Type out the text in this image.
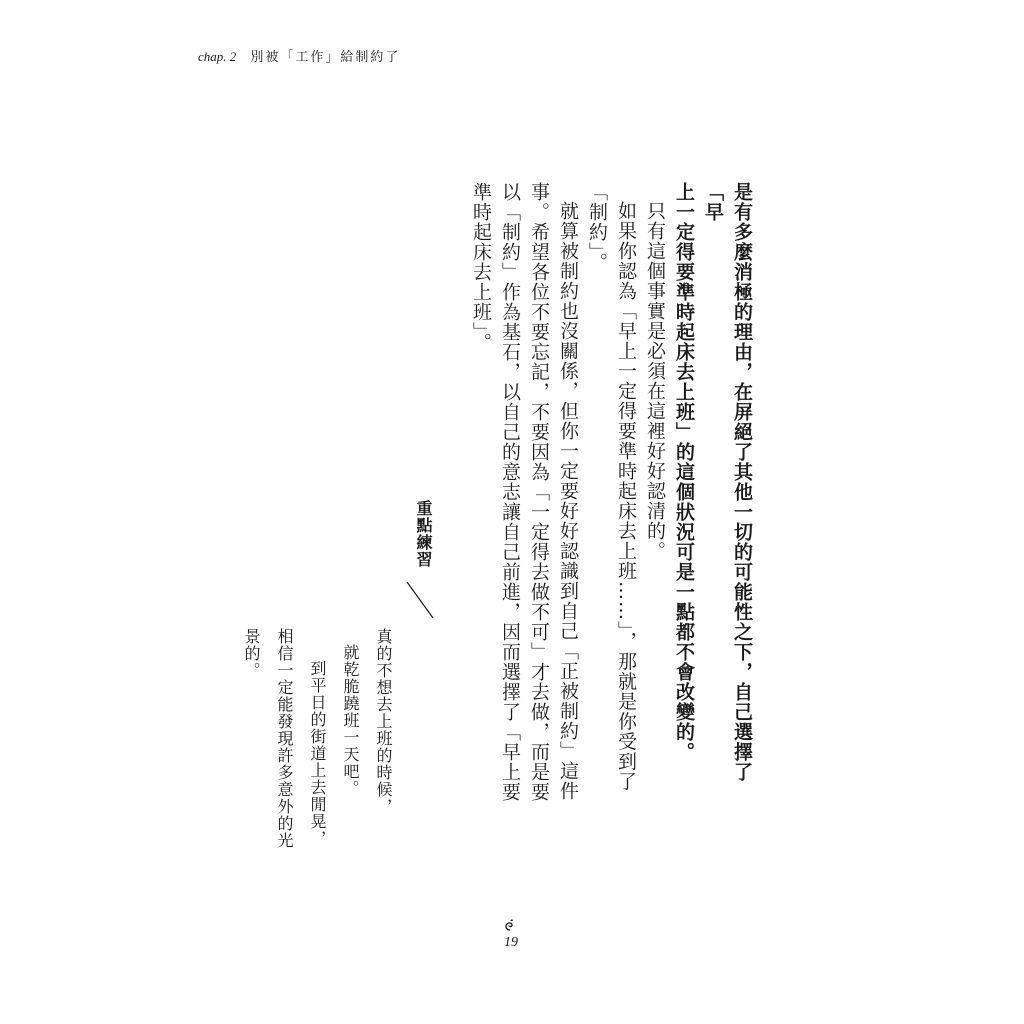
chap. 2 別被「工作」給制約了

是有多麼消極的理由，在屏絕了其他一切的可能性之下，自己選擇了「早

上一定得要準時起床去上班」的這個狀況可是一點都不會改變的。

只有這個事實是必須在這裡好好認清的。

如果你認為「早上一定得要準時起床去上班……」，那就是你受到了「制約」。

就算被制約也沒關係，但你一定要好好認識到自己「正被制約」這件事。希望各位不要忘記，不要因為「一定得去做不可」才去做，而是要以「制約」作為基石，以自己的意志讓自己前進，因而選擇了「早上要準時起床去上班」。

重點練習

真的不想去上班的時候，

就乾脆蹺班一天吧。

到平日的街道上去閒晃，

相信一定能發現許多意外的光景的。

19
